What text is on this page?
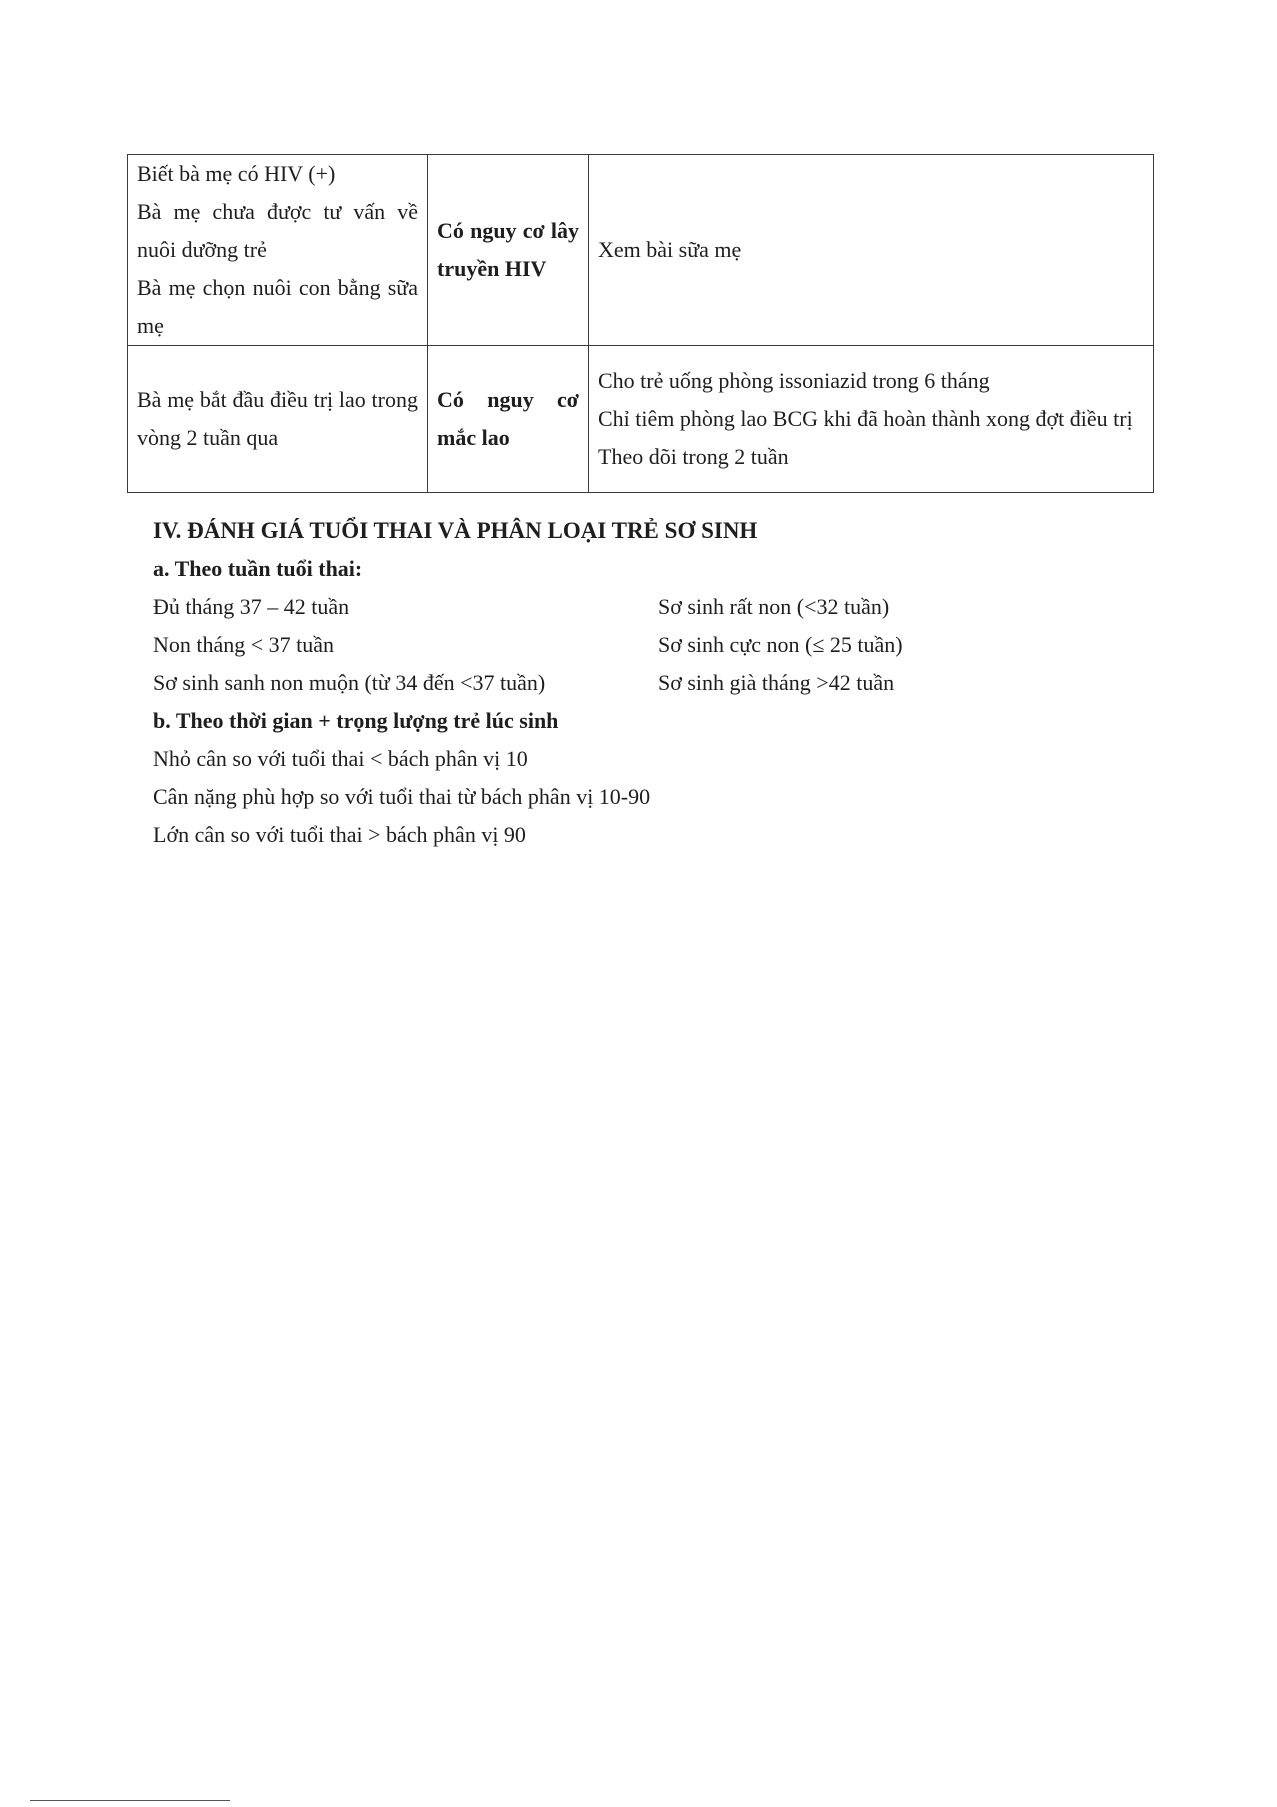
Biết bà mẹ có HIV (+)
Bà mẹ chưa được tư vấn về nuôi dưỡng trẻ
Bà mẹ chọn nuôi con bằng sữa mẹ	Có nguy cơ lây truyền HIV	Xem bài sữa mẹ

Bà mẹ bắt đầu điều trị lao trong vòng 2 tuần qua	Có nguy cơ mắc lao	Cho trẻ uống phòng issoniazid trong 6 tháng
Chỉ tiêm phòng lao BCG khi đã hoàn thành xong đợt điều trị
Theo dõi trong 2 tuần

IV. ĐÁNH GIÁ TUỔI THAI VÀ PHÂN LOẠI TRẺ SƠ SINH

a. Theo tuần tuổi thai:

Đủ tháng 37 – 42 tuần	Sơ sinh rất non (<32 tuần)
Non tháng < 37 tuần	Sơ sinh cực non (≤ 25 tuần)
Sơ sinh sanh non muộn (từ 34 đến <37 tuần)	Sơ sinh già tháng >42 tuần

b. Theo thời gian + trọng lượng trẻ lúc sinh

Nhỏ cân so với tuổi thai < bách phân vị 10
Cân nặng phù hợp so với tuổi thai từ bách phân vị 10-90
Lớn cân so với tuổi thai > bách phân vị 90
